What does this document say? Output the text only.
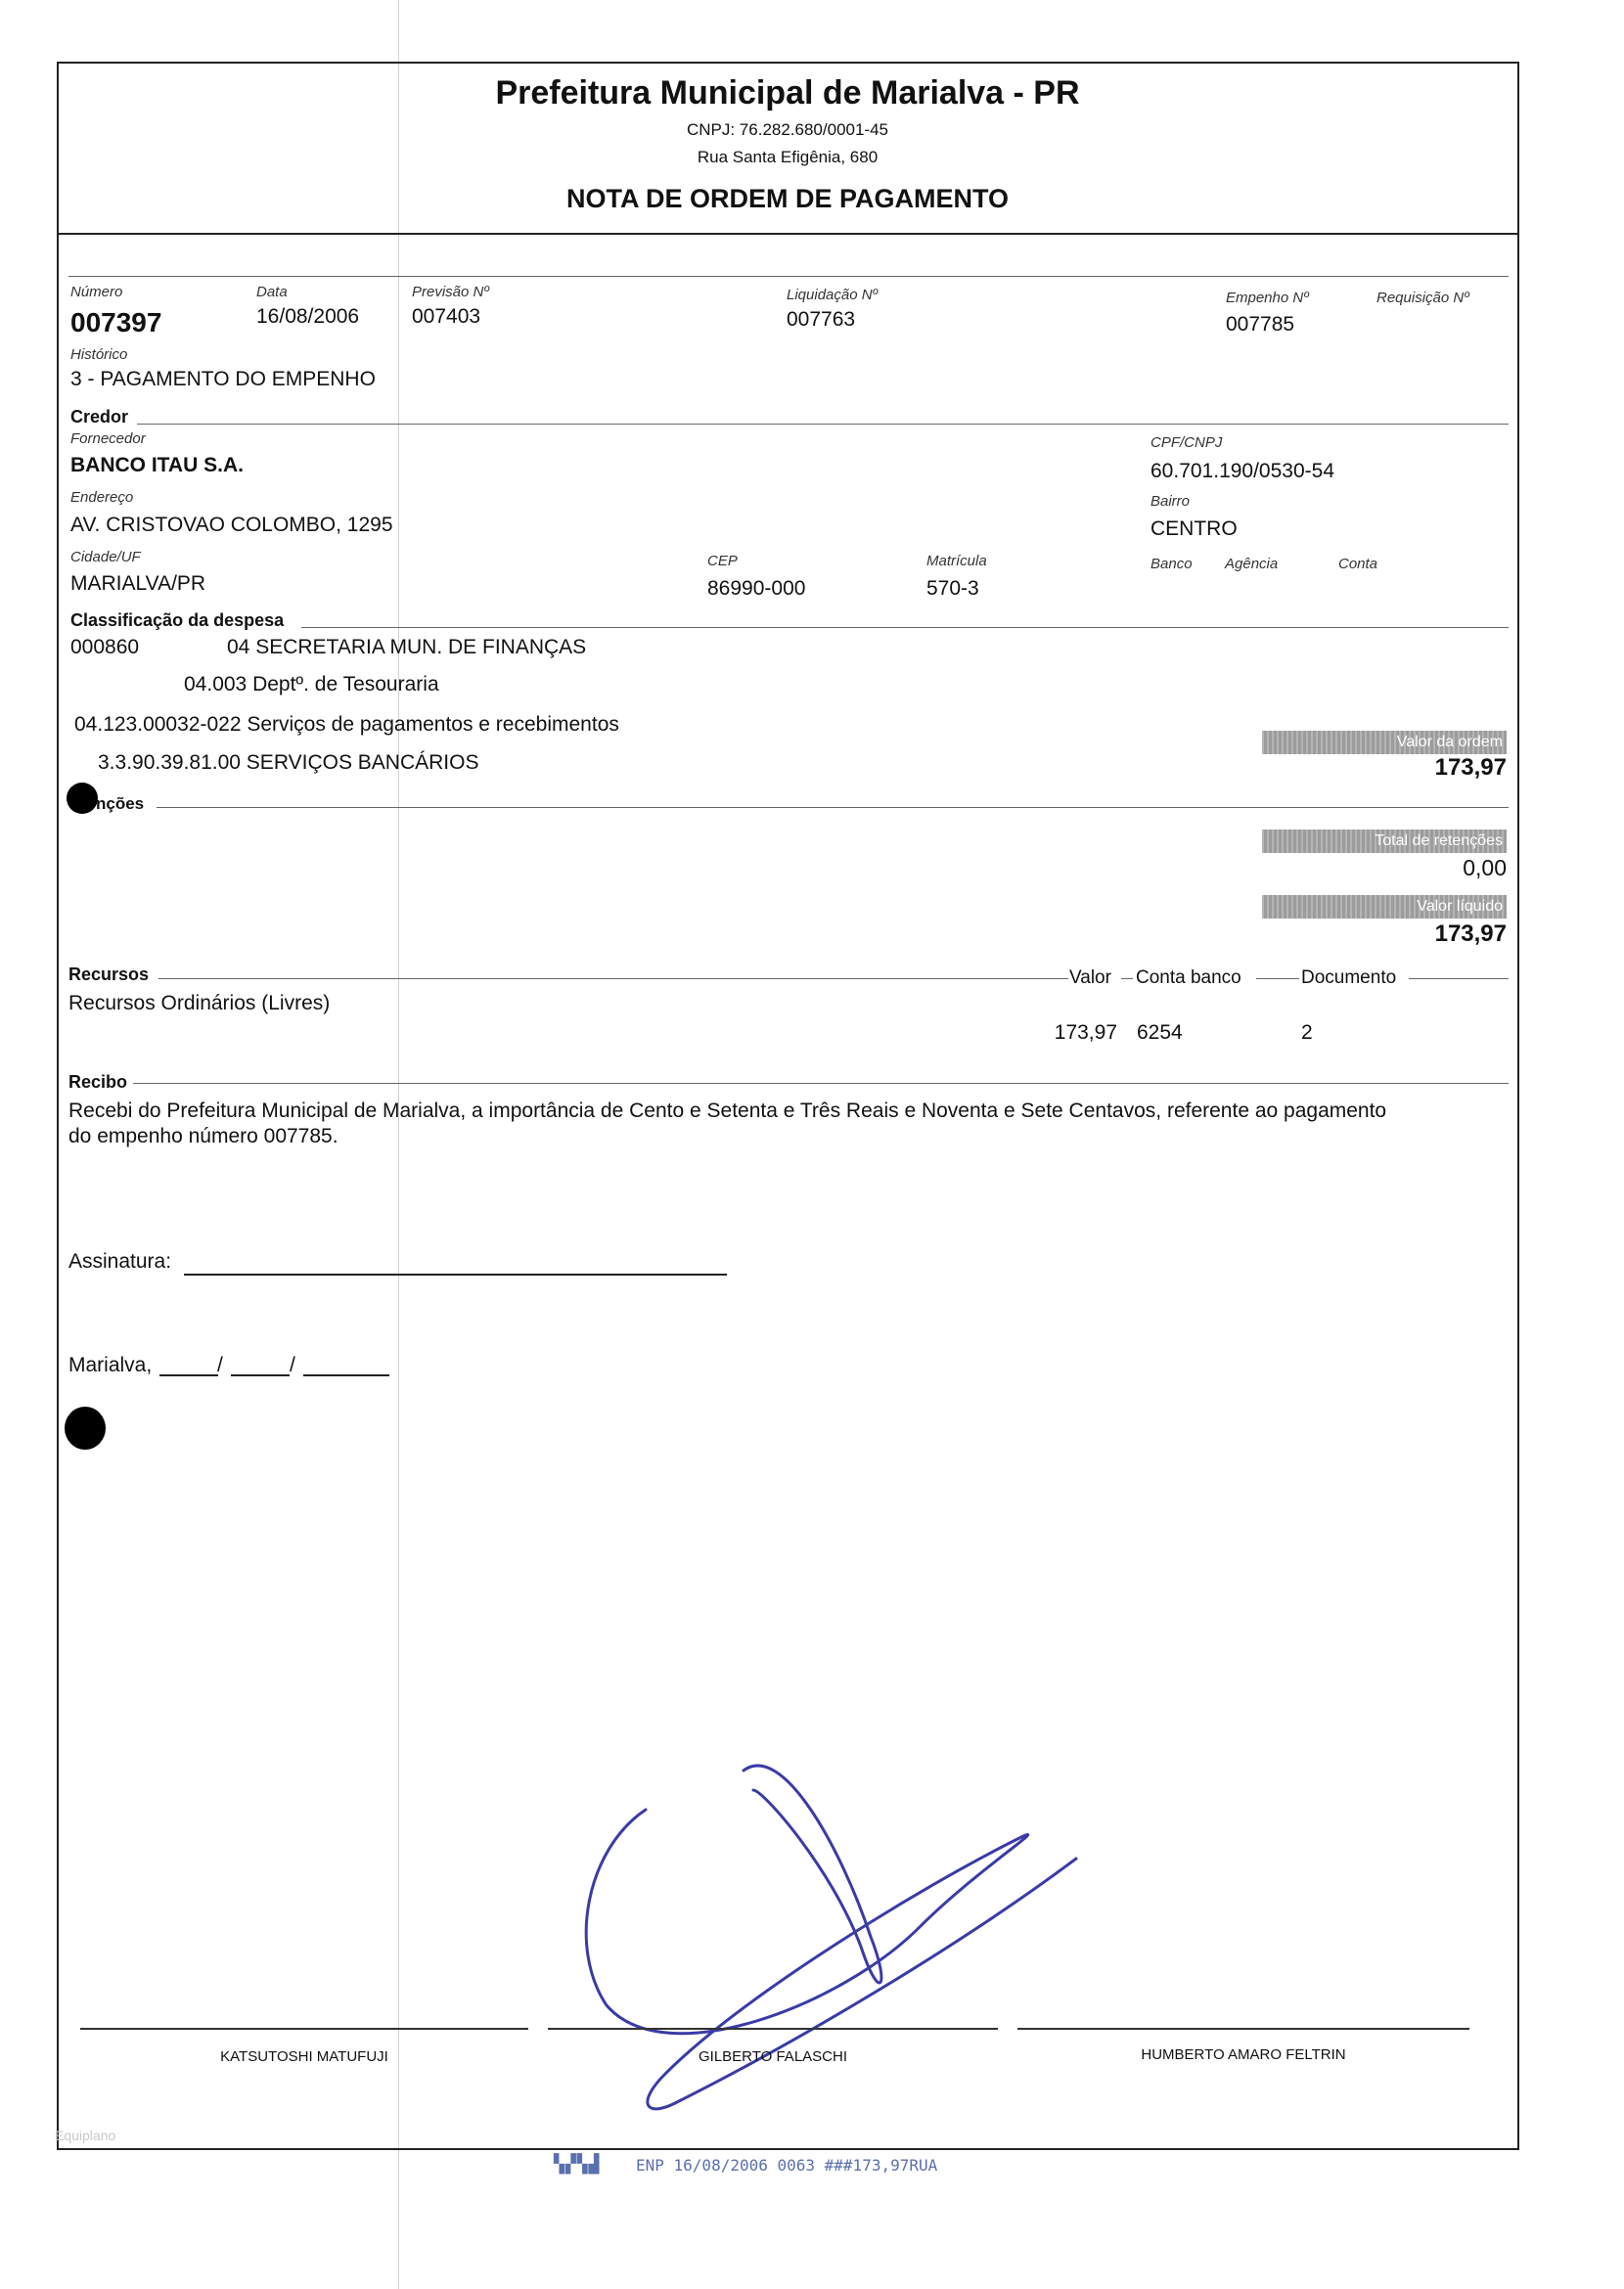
Prefeitura Municipal de Marialva - PR
CNPJ: 76.282.680/0001-45
Rua Santa Efigênia, 680
NOTA DE ORDEM DE PAGAMENTO
Número
007397
Data
16/08/2006
Previsão Nº
007403
Liquidação Nº
007763
Empenho Nº
007785
Requisição Nº
Histórico
3 - PAGAMENTO DO EMPENHO
Credor
Fornecedor
BANCO ITAU S.A.
CPF/CNPJ
60.701.190/0530-54
Endereço
AV. CRISTOVAO COLOMBO, 1295
Bairro
CENTRO
Cidade/UF
MARIALVA/PR
CEP
86990-000
Matrícula
570-3
Banco Agência	Conta
Classificação da despesa
000860	04 SECRETARIA MUN. DE FINANÇAS
04.003 Deptº. de Tesouraria
04.123.00032-022 Serviços de pagamentos e recebimentos
3.3.90.39.81.00 SERVIÇOS BANCÁRIOS
Valor da ordem
173,97
nções
Total de retenções
0,00
Valor líquido
173,97
Recursos	Valor Conta banco	Documento
Recursos Ordinários (Livres)
173,97 6254	2
Recibo
Recebi do Prefeitura Municipal de Marialva, a importância de Cento e Setenta e Três Reais e Noventa e Sete Centavos, referente ao pagamento
do empenho número 007785.
Assinatura:
Marialva,	/	/
KATSUTOSHI MATUFUJI	GILBERTO FALASCHI	HUMBERTO AMARO FELTRIN
Equiplano
▚▞▚▟ ENP 16/08/2006 0063 ###173,97RUA
